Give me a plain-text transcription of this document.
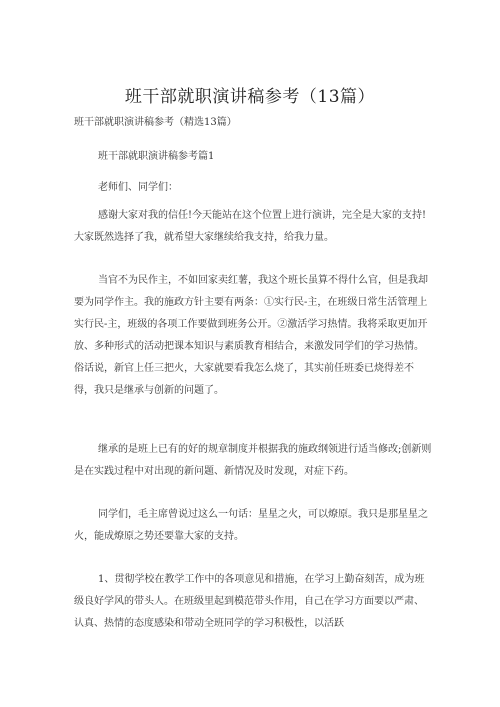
班干部就职演讲稿参考（13篇）
班干部就职演讲稿参考（精选13篇）
班干部就职演讲稿参考篇1

老师们、同学们：

感谢大家对我的信任!今天能站在这个位置上进行演讲，完全是大家的支持!大家既然选择了我，就希望大家继续给我支持，给我力量。

当官不为民作主，不如回家卖红薯，我这个班长虽算不得什么官，但是我却要为同学作主。我的施政方针主要有两条：①实行民-主，在班级日常生活管理上实行民-主，班级的各项工作要做到班务公开。②激活学习热情。我将采取更加开放、多种形式的活动把课本知识与素质教育相结合，来激发同学们的学习热情。俗话说，新官上任三把火，大家就要看我怎么烧了，其实前任班委已烧得差不得，我只是继承与创新的问题了。

继承的是班上已有的好的规章制度并根据我的施政纲领进行适当修改;创新则是在实践过程中对出现的新问题、新情况及时发现，对症下药。

同学们，毛主席曾说过这么一句话：星星之火，可以燎原。我只是那星星之火，能成燎原之势还要靠大家的支持。

1、贯彻学校在教学工作中的各项意见和措施，在学习上勤奋刻苦，成为班级良好学风的带头人。在班级里起到模范带头作用，自己在学习方面要以严肃、认真、热情的态度感染和带动全班同学的学习积极性，以活跃
